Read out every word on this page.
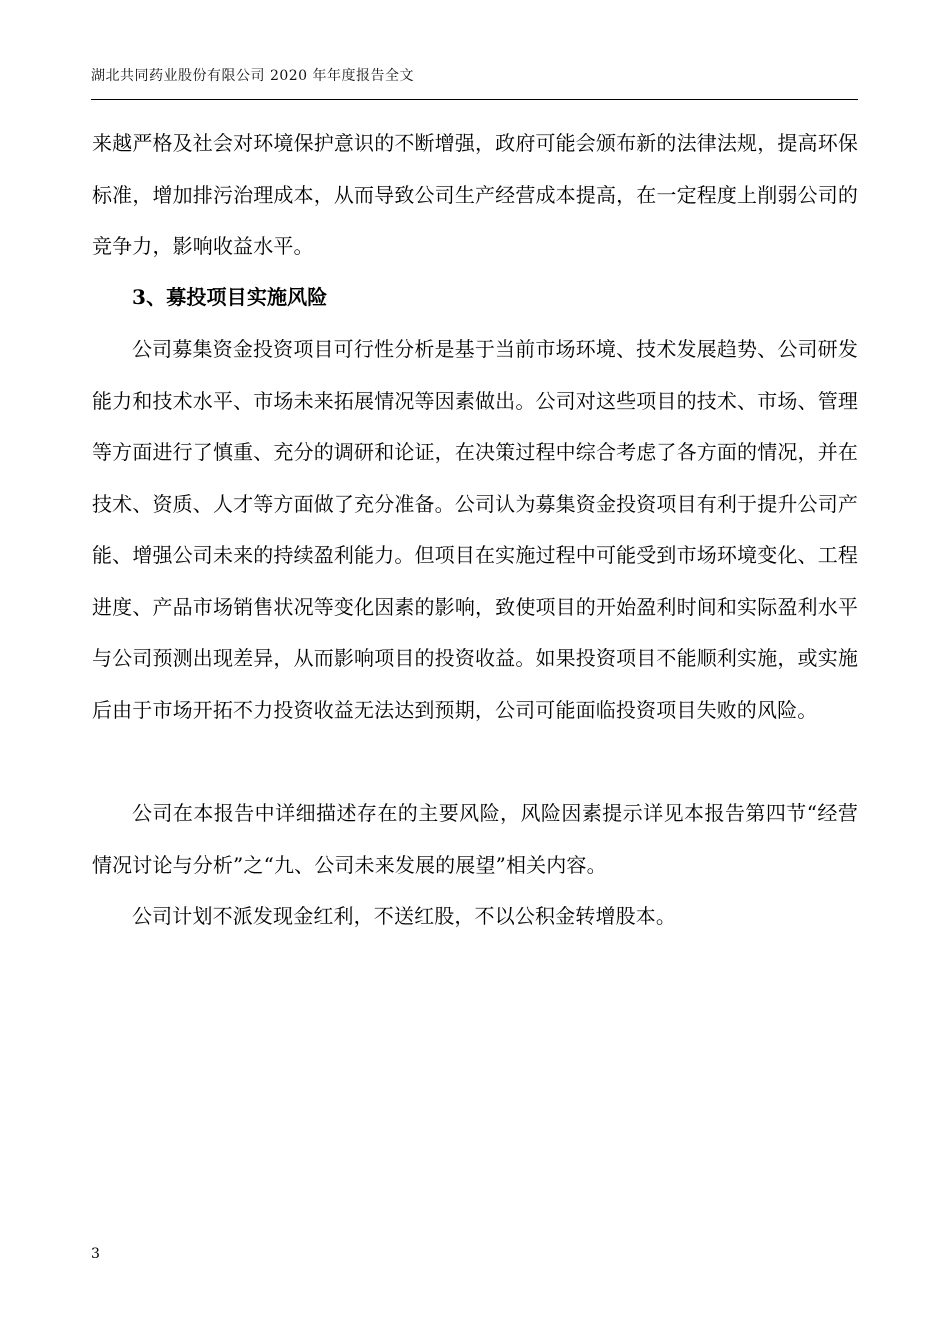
湖北共同药业股份有限公司 2020 年年度报告全文
来越严格及社会对环境保护意识的不断增强，政府可能会颁布新的法律法规，提高环保标准，增加排污治理成本，从而导致公司生产经营成本提高，在一定程度上削弱公司的竞争力，影响收益水平。
3、募投项目实施风险
公司募集资金投资项目可行性分析是基于当前市场环境、技术发展趋势、公司研发能力和技术水平、市场未来拓展情况等因素做出。公司对这些项目的技术、市场、管理等方面进行了慎重、充分的调研和论证，在决策过程中综合考虑了各方面的情况，并在技术、资质、人才等方面做了充分准备。公司认为募集资金投资项目有利于提升公司产能、增强公司未来的持续盈利能力。但项目在实施过程中可能受到市场环境变化、工程进度、产品市场销售状况等变化因素的影响，致使项目的开始盈利时间和实际盈利水平与公司预测出现差异，从而影响项目的投资收益。如果投资项目不能顺利实施，或实施后由于市场开拓不力投资收益无法达到预期，公司可能面临投资项目失败的风险。
公司在本报告中详细描述存在的主要风险，风险因素提示详见本报告第四节“经营情况讨论与分析”之“九、公司未来发展的展望”相关内容。
公司计划不派发现金红利，不送红股，不以公积金转增股本。
3
